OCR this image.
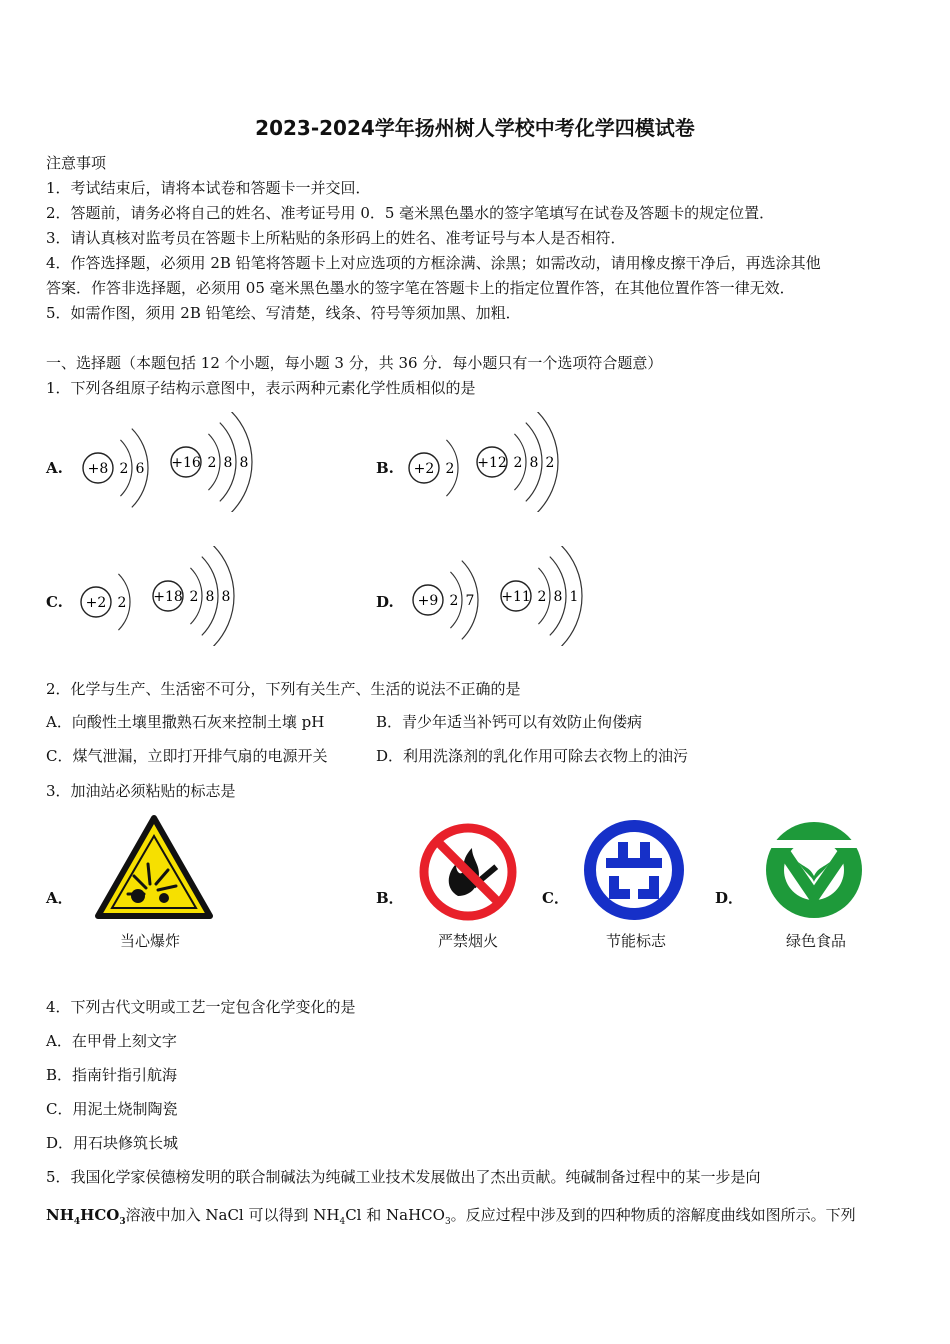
2023-2024学年扬州树人学校中考化学四模试卷
注意事项
1．考试结束后，请将本试卷和答题卡一并交回．
2．答题前，请务必将自己的姓名、准考证号用 0．5 毫米黑色墨水的签字笔填写在试卷及答题卡的规定位置．
3．请认真核对监考员在答题卡上所粘贴的条形码上的姓名、准考证号与本人是否相符．
4．作答选择题，必须用 2B 铅笔将答题卡上对应选项的方框涂满、涂黑；如需改动，请用橡皮擦干净后，再选涂其他
答案．作答非选择题，必须用 05 毫米黑色墨水的签字笔在答题卡上的指定位置作答，在其他位置作答一律无效．
5．如需作图，须用 2B 铅笔绘、写清楚，线条、符号等须加黑、加粗．
一、选择题（本题包括 12 个小题，每小题 3 分，共 36 分．每小题只有一个选项符合题意）
1．下列各组原子结构示意图中，表示两种元素化学性质相似的是
A.	B.
C.	D.
+8 2 6 +16 2 8 8	+2 2 +12 2 8 2
+2 2 +18 2 8 8	+9 2 7 +11 2 8 1
2．化学与生产、生活密不可分，下列有关生产、生活的说法不正确的是
A．向酸性土壤里撒熟石灰来控制土壤 pH	B．青少年适当补钙可以有效防止佝偻病
C．煤气泄漏，立即打开排气扇的电源开关	D．利用洗涤剂的乳化作用可除去衣物上的油污
3．加油站必须粘贴的标志是
A．	B．	C．	D．
当心爆炸	严禁烟火	节能标志	绿色食品
4．下列古代文明或工艺一定包含化学变化的是
A．在甲骨上刻文字
B．指南针指引航海
C．用泥土烧制陶瓷
D．用石块修筑长城
5．我国化学家侯德榜发明的联合制碱法为纯碱工业技术发展做出了杰出贡献。纯碱制备过程中的某一步是向
$NH_4HCO_3$溶液中加入 NaCl 可以得到 $NH_4Cl$ 和 NaHCO$_3$。反应过程中涉及到的四种物质的溶解度曲线如图所示。下列
